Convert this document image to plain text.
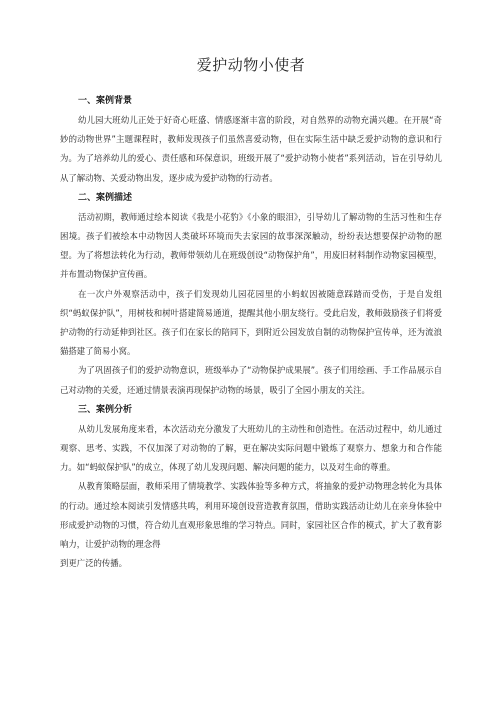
爱护动物小使者
一、案例背景

幼儿园大班幼儿正处于好奇心旺盛、情感逐渐丰富的阶段，对自然界的动物充满兴趣。在开展“奇妙的动物世界”主题课程时，教师发现孩子们虽然喜爱动物，但在实际生活中缺乏爱护动物的意识和行为。为了培养幼儿的爱心、责任感和环保意识，班级开展了“爱护动物小使者”系列活动，旨在引导幼儿从了解动物、关爱动物出发，逐步成为爱护动物的行动者。

二、案例描述

活动初期，教师通过绘本阅读《我是小花豹》《小象的眼泪》，引导幼儿了解动物的生活习性和生存困境。孩子们被绘本中动物因人类破坏环境而失去家园的故事深深触动，纷纷表达想要保护动物的愿望。为了将想法转化为行动，教师带领幼儿在班级创设“动物保护角”，用废旧材料制作动物家园模型，并布置动物保护宣传画。

在一次户外观察活动中，孩子们发现幼儿园花园里的小蚂蚁因被随意踩踏而受伤，于是自发组织“蚂蚁保护队”，用树枝和树叶搭建简易通道，提醒其他小朋友绕行。受此启发，教师鼓励孩子们将爱护动物的行动延伸到社区。孩子们在家长的陪同下，到附近公园发放自制的动物保护宣传单，还为流浪猫搭建了简易小窝。

为了巩固孩子们的爱护动物意识，班级举办了“动物保护成果展”。孩子们用绘画、手工作品展示自己对动物的关爱，还通过情景表演再现保护动物的场景，吸引了全园小朋友的关注。

三、案例分析

从幼儿发展角度来看，本次活动充分激发了大班幼儿的主动性和创造性。在活动过程中，幼儿通过观察、思考、实践，不仅加深了对动物的了解，更在解决实际问题中锻炼了观察力、想象力和合作能力。如“蚂蚁保护队”的成立，体现了幼儿发现问题、解决问题的能力，以及对生命的尊重。

从教育策略层面，教师采用了情境教学、实践体验等多种方式，将抽象的爱护动物理念转化为具体的行动。通过绘本阅读引发情感共鸣，利用环境创设营造教育氛围，借助实践活动让幼儿在亲身体验中形成爱护动物的习惯，符合幼儿直观形象思维的学习特点。同时，家园社区合作的模式，扩大了教育影响力，让爱护动物的理念得

到更广泛的传播。
